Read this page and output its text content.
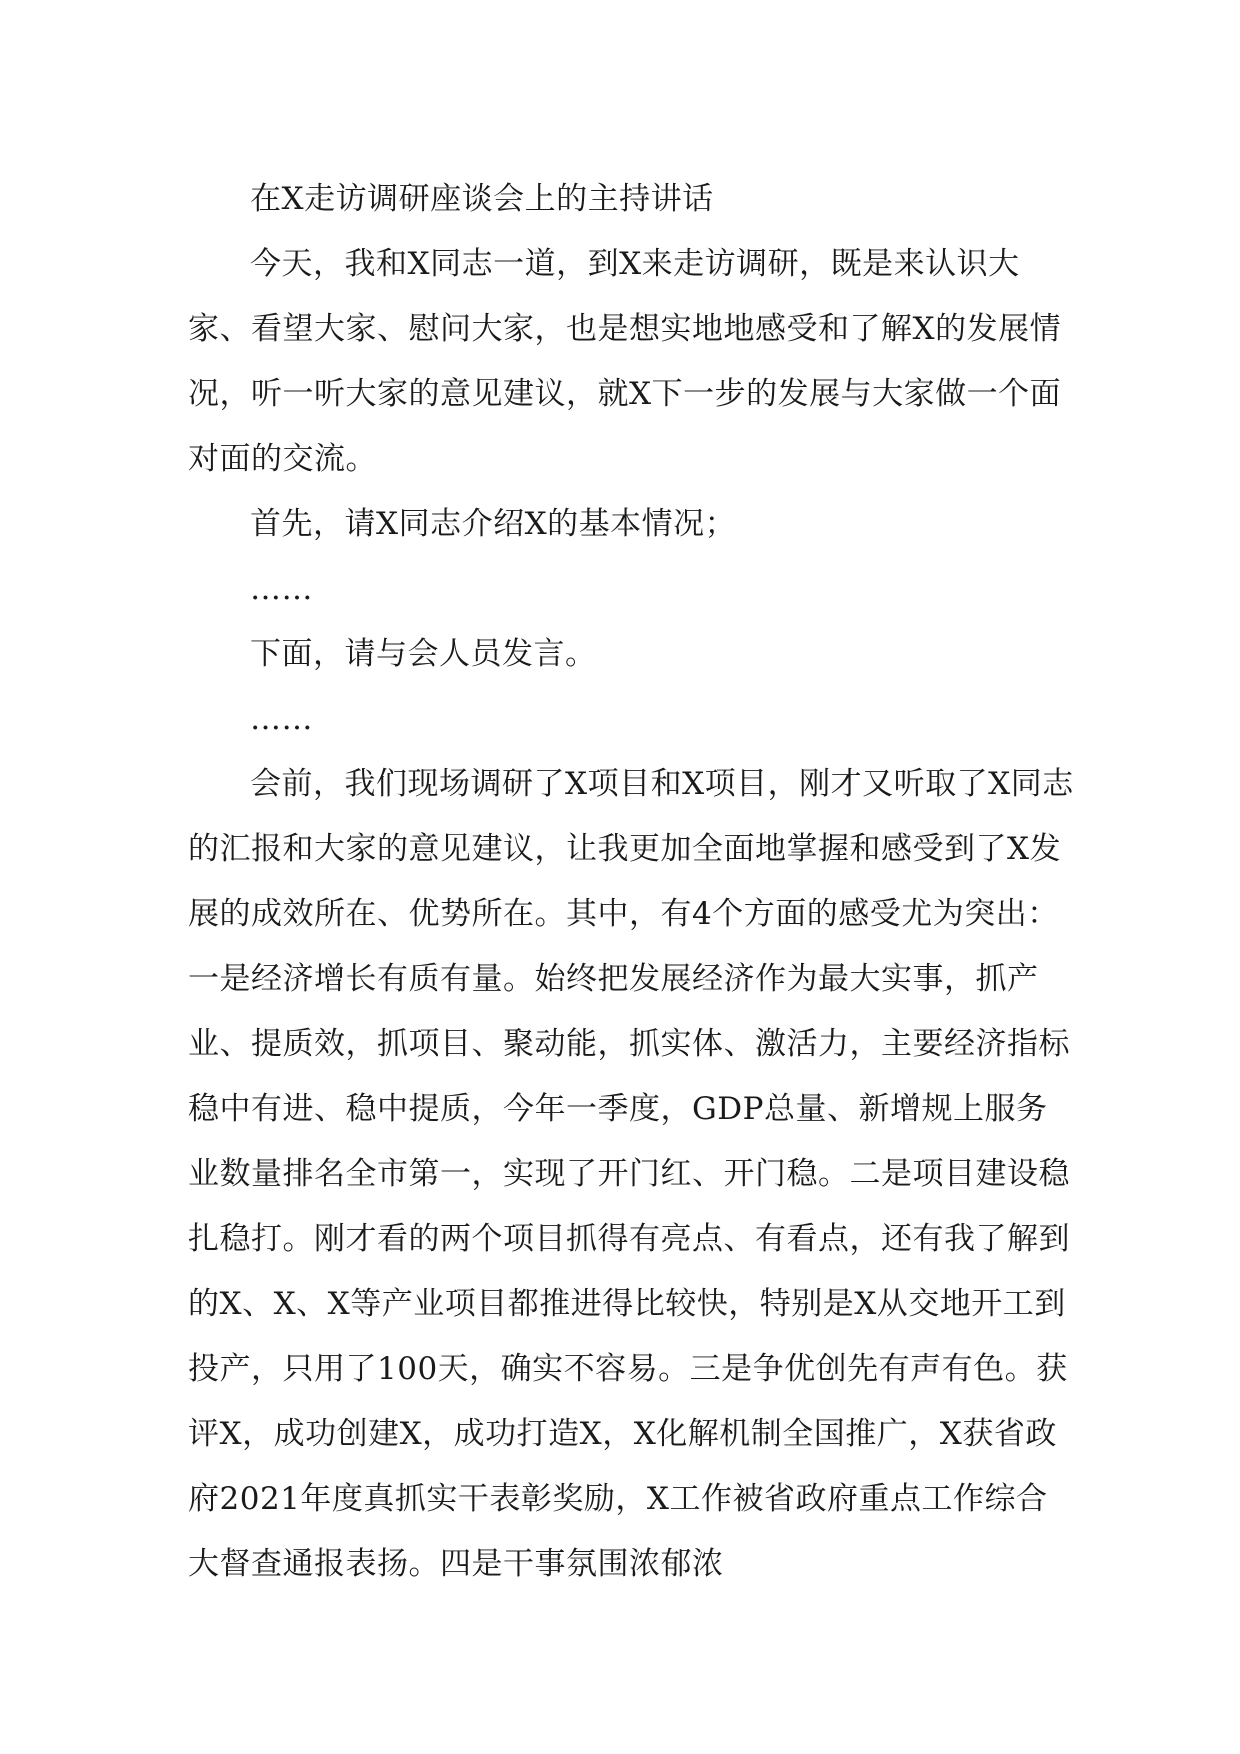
在X走访调研座谈会上的主持讲话

今天，我和X同志一道，到X来走访调研，既是来认识大家、看望大家、慰问大家，也是想实地地感受和了解X的发展情况，听一听大家的意见建议，就X下一步的发展与大家做一个面对面的交流。

首先，请X同志介绍X的基本情况；

……

下面，请与会人员发言。

……

会前，我们现场调研了X项目和X项目，刚才又听取了X同志的汇报和大家的意见建议，让我更加全面地掌握和感受到了X发展的成效所在、优势所在。其中，有4个方面的感受尤为突出：一是经济增长有质有量。始终把发展经济作为最大实事，抓产业、提质效，抓项目、聚动能，抓实体、激活力，主要经济指标稳中有进、稳中提质，今年一季度，GDP总量、新增规上服务业数量排名全市第一，实现了开门红、开门稳。二是项目建设稳扎稳打。刚才看的两个项目抓得有亮点、有看点，还有我了解到的X、X、X等产业项目都推进得比较快，特别是X从交地开工到投产，只用了100天，确实不容易。三是争优创先有声有色。获评X，成功创建X，成功打造X，X化解机制全国推广，X获省政府2021年度真抓实干表彰奖励，X工作被省政府重点工作综合大督查通报表扬。四是干事氛围浓郁浓
